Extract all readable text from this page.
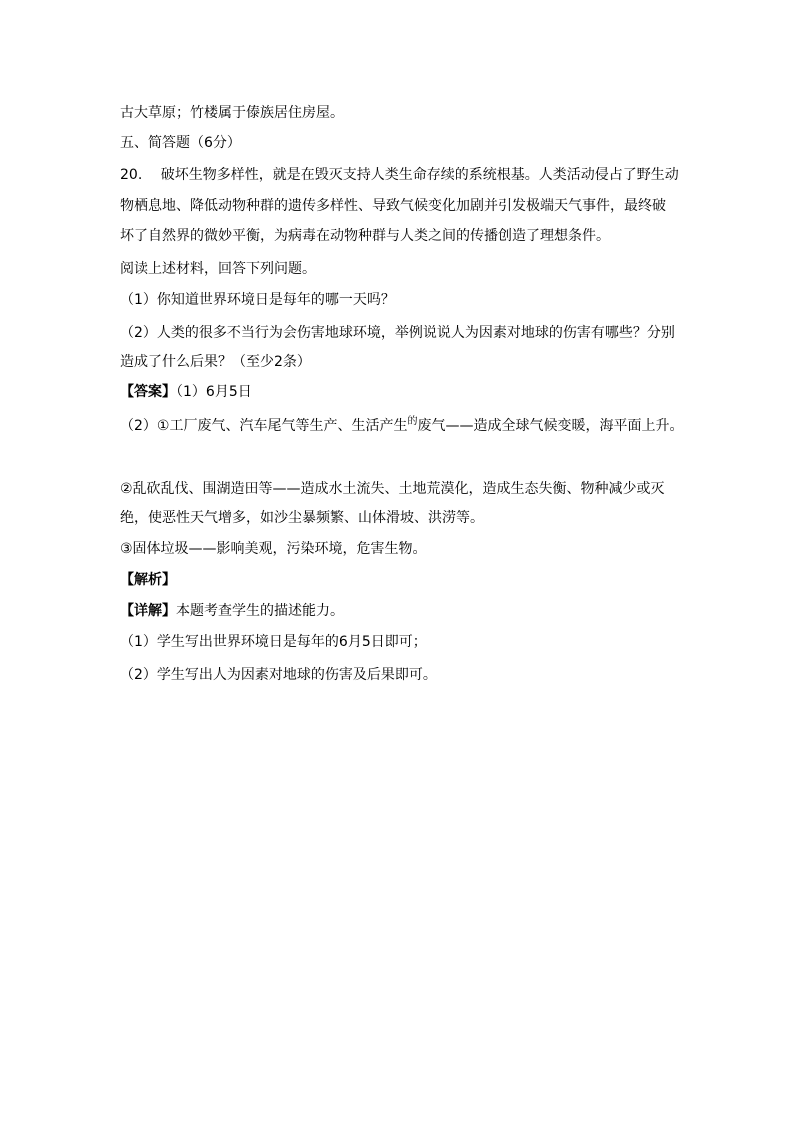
古大草原；竹楼属于傣族居住房屋。
五、简答题（6分）
20.　 破坏生物多样性，就是在毁灭支持人类生命存续的系统根基。人类活动侵占了野生动
物栖息地、降低动物种群的遗传多样性、导致气候变化加剧并引发极端天气事件，最终破
坏了自然界的微妙平衡，为病毒在动物种群与人类之间的传播创造了理想条件。
阅读上述材料，回答下列问题。
（1）你知道世界环境日是每年的哪一天吗？
（2）人类的很多不当行为会伤害地球环境，举例说说人为因素对地球的伤害有哪些？分别
造成了什么后果？（至少2条）
【答案】（1）6月5日
（2）①工厂废气、汽车尾气等生产、生活产生$^的$废气——造成全球气候变暖，海平面上升。
②乱砍乱伐、围湖造田等——造成水土流失、土地荒漠化，造成生态失衡、物种减少或灭
绝，使恶性天气增多，如沙尘暴频繁、山体滑坡、洪涝等。
③固体垃圾——影响美观，污染环境，危害生物。
【解析】
【详解】本题考查学生的描述能力。
（1）学生写出世界环境日是每年的6月5日即可；
（2）学生写出人为因素对地球的伤害及后果即可。
